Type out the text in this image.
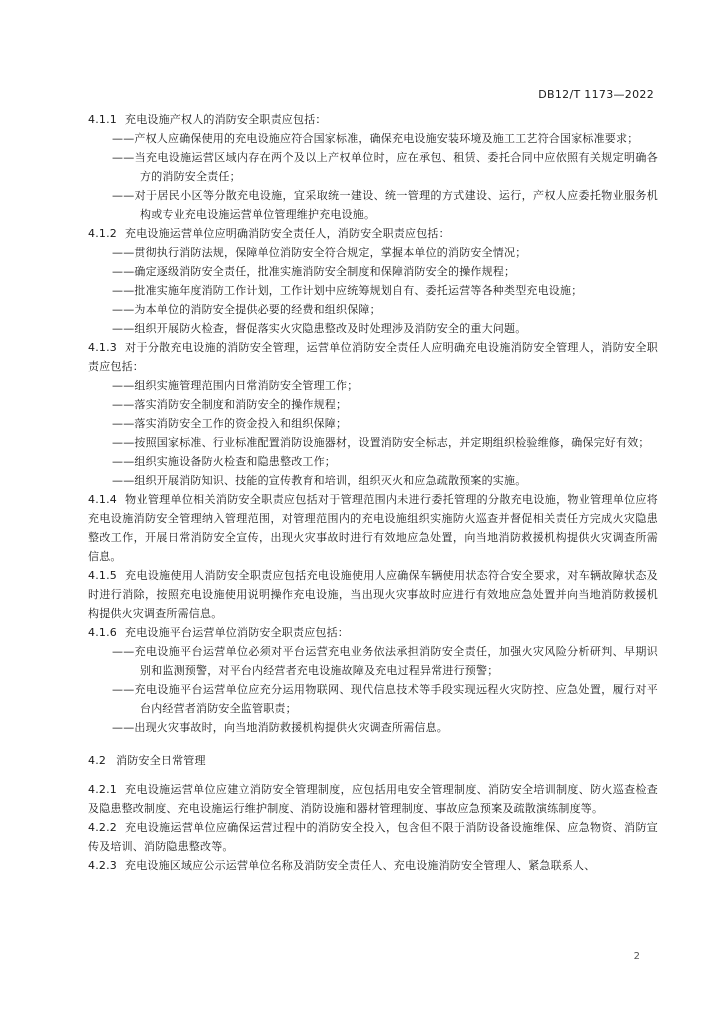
DB12/T 1173—2022

4.1.1 充电设施产权人的消防安全职责应包括：

——产权人应确保使用的充电设施应符合国家标准，确保充电设施安装环境及施工工艺符合国家标准要求；

——当充电设施运营区域内存在两个及以上产权单位时，应在承包、租赁、委托合同中应依照有关规定明确各方的消防安全责任；

——对于居民小区等分散充电设施，宜采取统一建设、统一管理的方式建设、运行，产权人应委托物业服务机构或专业充电设施运营单位管理维护充电设施。

4.1.2 充电设施运营单位应明确消防安全责任人，消防安全职责应包括：

——贯彻执行消防法规，保障单位消防安全符合规定，掌握本单位的消防安全情况；

——确定逐级消防安全责任，批准实施消防安全制度和保障消防安全的操作规程；

——批准实施年度消防工作计划，工作计划中应统筹规划自有、委托运营等各种类型充电设施；

——为本单位的消防安全提供必要的经费和组织保障；

——组织开展防火检查，督促落实火灾隐患整改及时处理涉及消防安全的重大问题。

4.1.3 对于分散充电设施的消防安全管理，运营单位消防安全责任人应明确充电设施消防安全管理人，消防安全职责应包括：

——组织实施管理范围内日常消防安全管理工作；

——落实消防安全制度和消防安全的操作规程；

——落实消防安全工作的资金投入和组织保障；

——按照国家标准、行业标准配置消防设施器材，设置消防安全标志，并定期组织检验维修，确保完好有效；

——组织实施设备防火检查和隐患整改工作；

——组织开展消防知识、技能的宣传教育和培训，组织灭火和应急疏散预案的实施。

4.1.4 物业管理单位相关消防安全职责应包括对于管理范围内未进行委托管理的分散充电设施，物业管理单位应将充电设施消防安全管理纳入管理范围，对管理范围内的充电设施组织实施防火巡查并督促相关责任方完成火灾隐患整改工作，开展日常消防安全宣传，出现火灾事故时进行有效地应急处置，向当地消防救援机构提供火灾调查所需信息。

4.1.5 充电设施使用人消防安全职责应包括充电设施使用人应确保车辆使用状态符合安全要求，对车辆故障状态及时进行消除，按照充电设施使用说明操作充电设施，当出现火灾事故时应进行有效地应急处置并向当地消防救援机构提供火灾调查所需信息。

4.1.6 充电设施平台运营单位消防安全职责应包括：

——充电设施平台运营单位必须对平台运营充电业务依法承担消防安全责任，加强火灾风险分析研判、早期识别和监测预警，对平台内经营者充电设施故障及充电过程异常进行预警；

——充电设施平台运营单位应充分运用物联网、现代信息技术等手段实现远程火灾防控、应急处置，履行对平台内经营者消防安全监管职责；

——出现火灾事故时，向当地消防救援机构提供火灾调查所需信息。

4.2 消防安全日常管理

4.2.1 充电设施运营单位应建立消防安全管理制度，应包括用电安全管理制度、消防安全培训制度、防火巡查检查及隐患整改制度、充电设施运行维护制度、消防设施和器材管理制度、事故应急预案及疏散演练制度等。

4.2.2 充电设施运营单位应确保运营过程中的消防安全投入，包含但不限于消防设备设施维保、应急物资、消防宣传及培训、消防隐患整改等。

4.2.3 充电设施区域应公示运营单位名称及消防安全责任人、充电设施消防安全管理人、紧急联系人、

2
